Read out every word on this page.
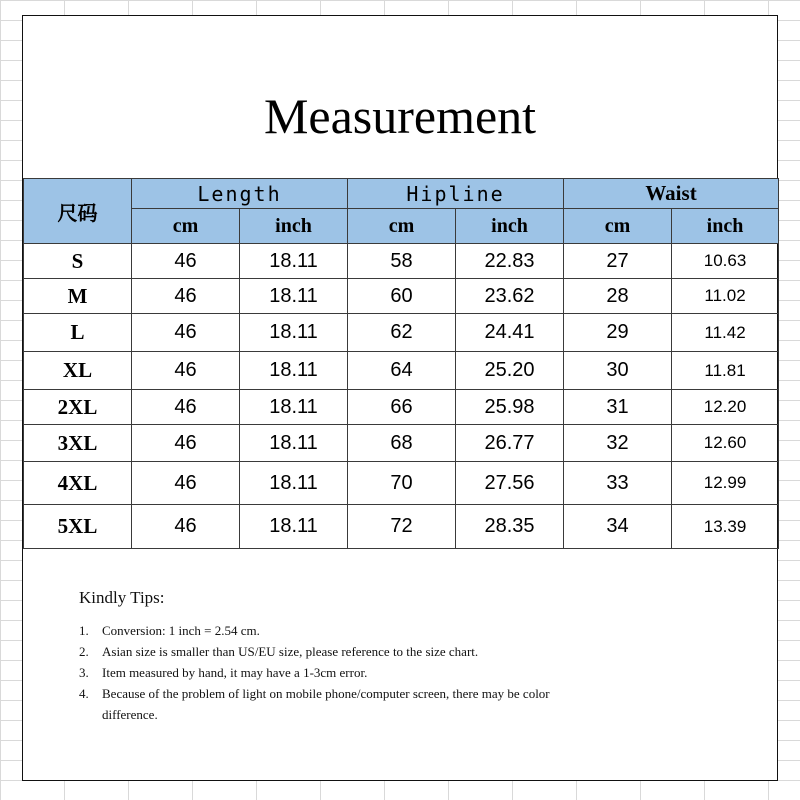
Measurement
尺码	Length		Hipline		Waist	
	cm	inch	cm	inch	cm	inch
S	46	18.11	58	22.83	27	10.63
M	46	18.11	60	23.62	28	11.02
L	46	18.11	62	24.41	29	11.42
XL	46	18.11	64	25.20	30	11.81
2XL	46	18.11	66	25.98	31	12.20
3XL	46	18.11	68	26.77	32	12.60
4XL	46	18.11	70	27.56	33	12.99
5XL	46	18.11	72	28.35	34	13.39
Kindly Tips:
1.	Conversion: 1 inch = 2.54 cm.
2.	Asian size is smaller than US/EU size, please reference to the size chart.
3.	Item measured by hand, it may have a 1-3cm error.
4.	Because of the problem of light on mobile phone/computer screen, there may be color difference.
